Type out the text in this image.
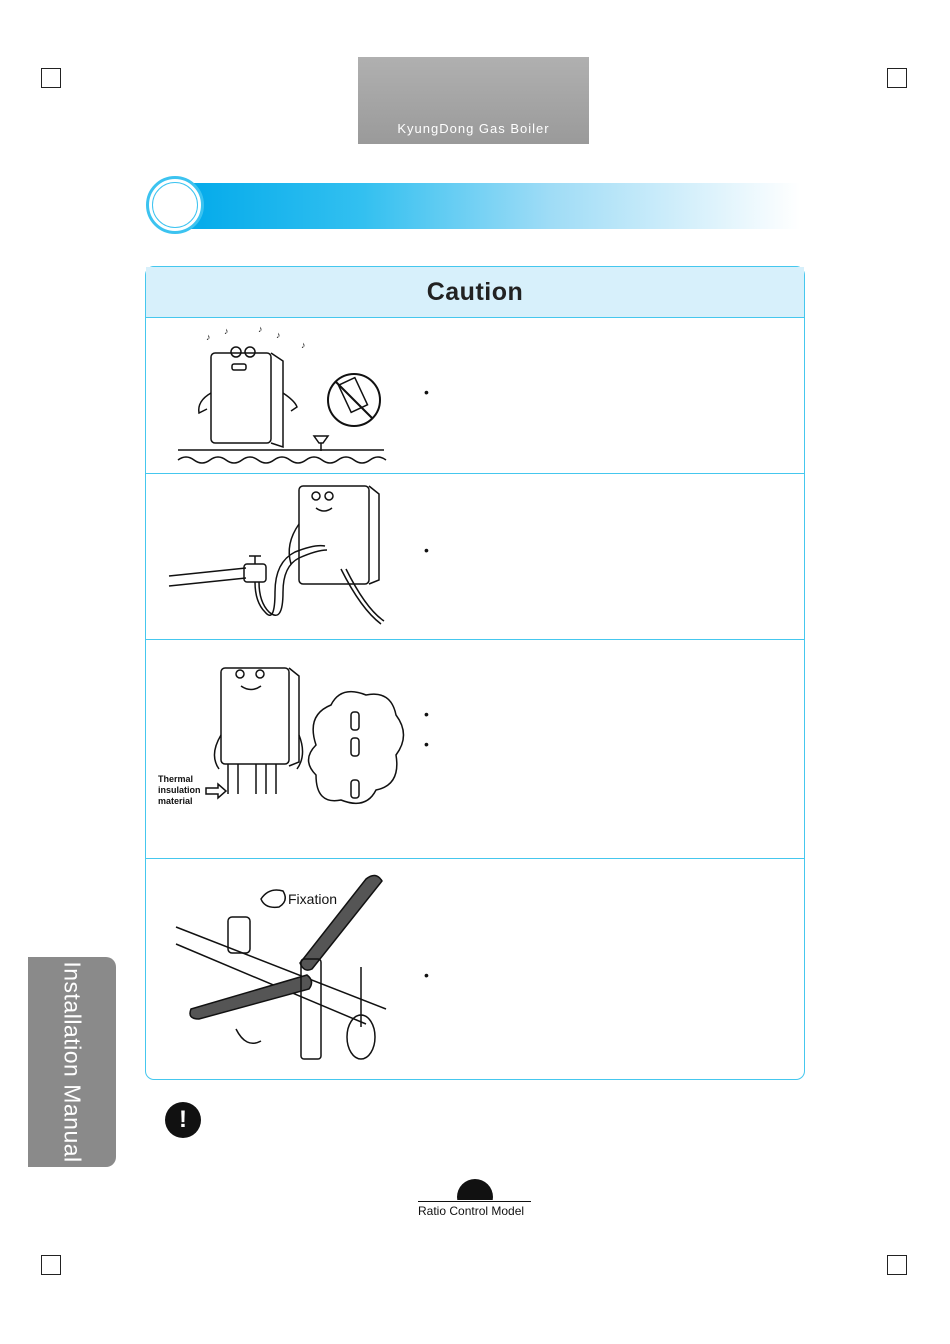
KyungDong Gas Boiler
Caution
♪
♪	♪
♪
♪
•
•
Thermal
insulation
material
•
•
Fixation
•
Installation Manual	!
Ratio Control Model
